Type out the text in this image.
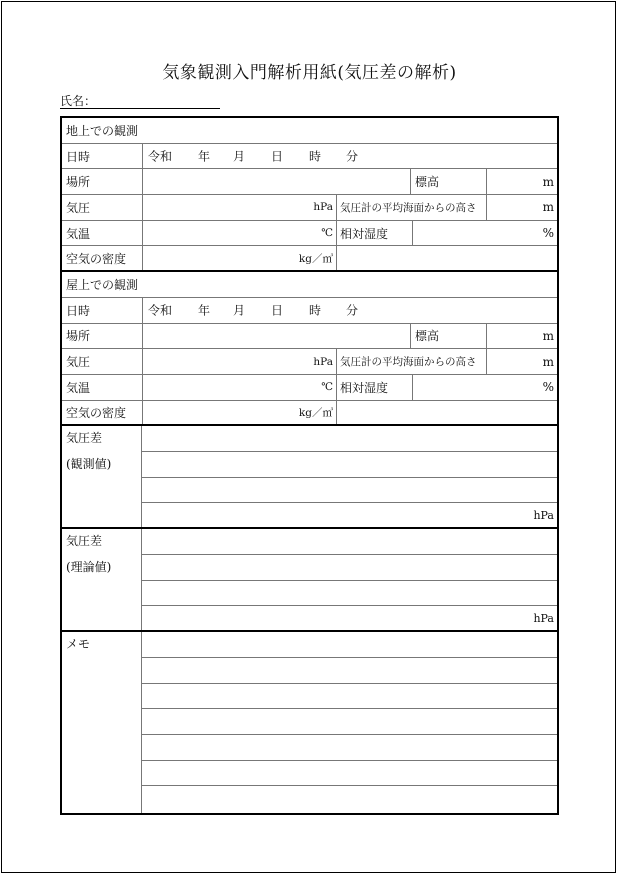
気象観測入門解析用紙(気圧差の解析)
氏名：
地上での観測
日時	令和 年 月 日 時 分
場所	標高	m
気圧	hPa 気圧計の平均海面からの高さ	m
気温	℃ 相対湿度	%
空気の密度	kg／㎥
屋上での観測
日時	令和 年 月 日 時 分
場所	標高	m
気圧	hPa 気圧計の平均海面からの高さ	m
気温	℃ 相対湿度	%
空気の密度	kg／㎥
気圧差
(観測値)
hPa
気圧差
(理論値)
hPa
メモ
